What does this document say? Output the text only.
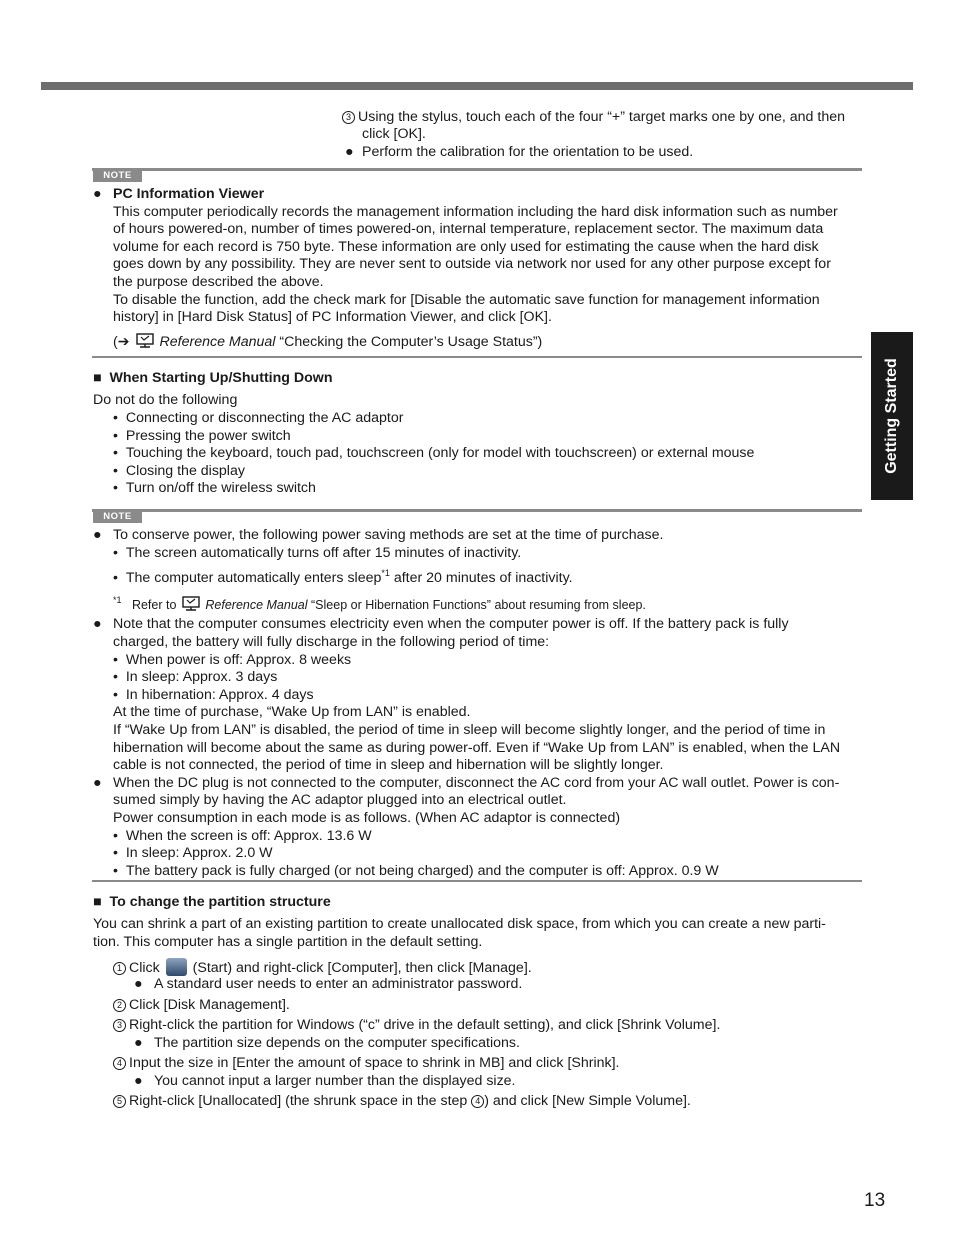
Getting Started
3 Using the stylus, touch each of the four “+” target marks one by one, and then
click [OK].
● Perform the calibration for the orientation to be used.
NOTE
● PC Information Viewer
This computer periodically records the management information including the hard disk information such as number
of hours powered-on, number of times powered-on, internal temperature, replacement sector. The maximum data
volume for each record is 750 byte. These information are only used for estimating the cause when the hard disk
goes down by any possibility. They are never sent to outside via network nor used for any other purpose except for
the purpose described the above.
To disable the function, add the check mark for [Disable the automatic save function for management information
history] in [Hard Disk Status] of PC Information Viewer, and click [OK].
(➔ Reference Manual “Checking the Computer’s Usage Status”)
■ When Starting Up/Shutting Down
Do not do the following
•  Connecting or disconnecting the AC adaptor
•  Pressing the power switch
•  Touching the keyboard, touch pad, touchscreen (only for model with touchscreen) or external mouse
•  Closing the display
•  Turn on/off the wireless switch
NOTE
● To conserve power, the following power saving methods are set at the time of purchase.
•  The screen automatically turns off after 15 minutes of inactivity.
•  The computer automatically enters sleep$^{*1}$ after 20 minutes of inactivity.
$^{*1}$ Refer to Reference Manual “Sleep or Hibernation Functions” about resuming from sleep.
● Note that the computer consumes electricity even when the computer power is off. If the battery pack is fully
charged, the battery will fully discharge in the following period of time:
•  When power is off: Approx. 8 weeks
•  In sleep: Approx. 3 days
•  In hibernation: Approx. 4 days
At the time of purchase, “Wake Up from LAN” is enabled.
If “Wake Up from LAN” is disabled, the period of time in sleep will become slightly longer, and the period of time in
hibernation will become about the same as during power-off. Even if “Wake Up from LAN” is enabled, when the LAN
cable is not connected, the period of time in sleep and hibernation will be slightly longer.
● When the DC plug is not connected to the computer, disconnect the AC cord from your AC wall outlet. Power is con-
sumed simply by having the AC adaptor plugged into an electrical outlet.
Power consumption in each mode is as follows. (When AC adaptor is connected)
•  When the screen is off: Approx. 13.6 W
•  In sleep: Approx. 2.0 W
•  The battery pack is fully charged (or not being charged) and the computer is off: Approx. 0.9 W
■ To change the partition structure
You can shrink a part of an existing partition to create unallocated disk space, from which you can create a new parti-
tion. This computer has a single partition in the default setting.
1 Click (Start) and right-click [Computer], then click [Manage].
● A standard user needs to enter an administrator password.
2 Click [Disk Management].
3 Right-click the partition for Windows (“c” drive in the default setting), and click [Shrink Volume].
● The partition size depends on the computer specifications.
4 Input the size in [Enter the amount of space to shrink in MB] and click [Shrink].
● You cannot input a larger number than the displayed size.
5 Right-click [Unallocated] (the shrunk space in the step 4 ) and click [New Simple Volume].
13
